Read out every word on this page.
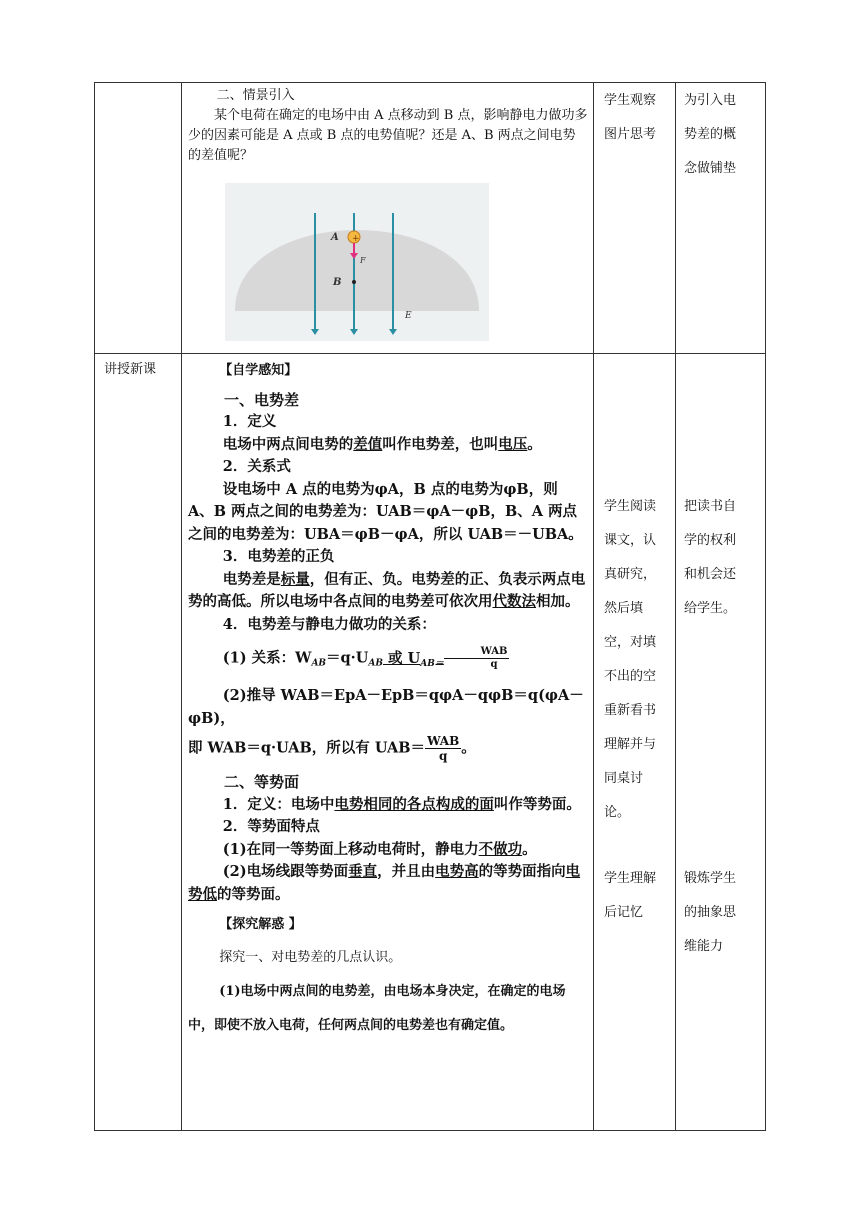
二、情景引入

某个电荷在确定的电场中由 A 点移动到 B 点，影响静电力做功多少的因素可能是 A 点或 B 点的电势值呢？还是 A、B 两点之间电势的差值呢？

+
A
F
B
E
学生观察
图片思考
为引入电
势差的概
念做铺垫
讲授新课	【自学感知】
一、电势差
1．定义
电场中两点间电势的差值叫作电势差，也叫电压。
2．关系式
设电场中 A 点的电势为φA，B 点的电势为φB，则 A、B 两点之间的电势差为：UAB＝φA－φB，B、A 两点之间的电势差为：UBA＝φB－φA，所以 UAB＝－UBA。
3．电势差的正负
电势差是标量，但有正、负。电势差的正、负表示两点电势的高低。所以电场中各点间的电势差可依次用代数法相加。
4．电势差与静电力做功的关系：
(1) 关系：$W_{AB}=q\cdot U_{AB}$ 或 $U_{AB=} \frac{\text{WAB}}{q}$
(2)推导 WAB＝EpA－EpB＝qφA－qφB＝q(φA－φB)，
即 WAB＝q·UAB，所以有 $UAB= \frac{\text{WAB}}{q}$ 。
二、等势面
1．定义：电场中电势相同的各点构成的面叫作等势面。
2．等势面特点
(1)在同一等势面上移动电荷时，静电力不做功。
(2)电场线跟等势面垂直，并且由电势高的等势面指向电势低的等势面。
【探究解惑 】
探究一、对电势差的几点认识。
(1)电场中两点间的电势差，由电场本身决定，在确定的电场中，即使不放入电荷，任何两点间的电势差也有确定值。
学生阅读
课文，认
真研究，
然后填
空，对填
不出的空
重新看书
理解并与
同桌讨
论。
学生理解
后记忆
把读书自
学的权利
和机会还
给学生。
锻炼学生
的抽象思
维能力
